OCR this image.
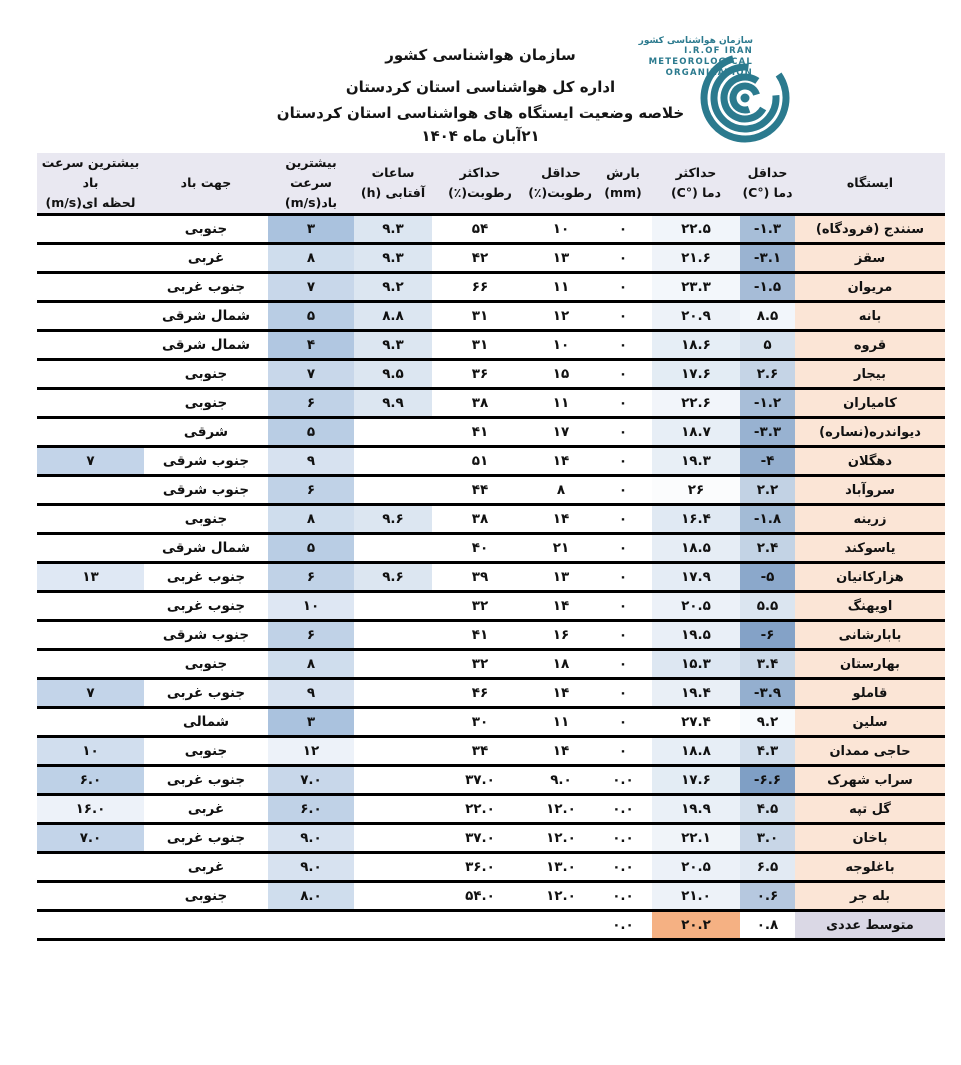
سازمان هواشناسی کشور
اداره کل هواشناسی استان کردستان
خلاصه وضعیت ایستگاه های هواشناسی استان کردستان
۲۱آبان ماه ۱۴۰۴
سازمان هواشناسی کشور
I.R.OF IRAN
METEOROLOGICAL
ORGANIZATION
ایستگاه

حداقل
دما (°C)

حداکثر
دما (°C)

بارش
(mm)

حداقل
رطوبت(٪)

حداکثر
رطوبت(٪)

ساعات
آفتابی (h)

بیشترین سرعت
باد(m/s)

جهت باد

بیشترین سرعت باد
لحظه ای(m/s)

سنندج (فرودگاه)	-۱.۳	۲۲.۵	۰	۱۰	۵۴	۹.۳	۳	جنوبی	
سقز	-۳.۱	۲۱.۶	۰	۱۳	۴۲	۹.۳	۸	غربی	
مریوان	-۱.۵	۲۳.۳	۰	۱۱	۶۶	۹.۲	۷	جنوب غربی	
بانه	۸.۵	۲۰.۹	۰	۱۲	۳۱	۸.۸	۵	شمال شرقی	
قروه	۵	۱۸.۶	۰	۱۰	۳۱	۹.۳	۴	شمال شرقی	
بیجار	۲.۶	۱۷.۶	۰	۱۵	۳۶	۹.۵	۷	جنوبی	
کامیاران	-۱.۲	۲۲.۶	۰	۱۱	۳۸	۹.۹	۶	جنوبی	
دیواندره(نساره)	-۳.۳	۱۸.۷	۰	۱۷	۴۱		۵	شرقی	
دهگلان	-۴	۱۹.۳	۰	۱۴	۵۱		۹	جنوب شرقی	۷
سروآباد	۲.۲	۲۶	۰	۸	۴۴		۶	جنوب شرقی	
زرینه	-۱.۸	۱۶.۴	۰	۱۴	۳۸	۹.۶	۸	جنوبی	
یاسوکند	۲.۴	۱۸.۵	۰	۲۱	۴۰		۵	شمال شرقی	
هزارکانیان	-۵	۱۷.۹	۰	۱۳	۳۹	۹.۶	۶	جنوب غربی	۱۳
اویهنگ	۵.۵	۲۰.۵	۰	۱۴	۳۲		۱۰	جنوب غربی	
بابارشانی	-۶	۱۹.۵	۰	۱۶	۴۱		۶	جنوب شرقی	
بهارستان	۳.۴	۱۵.۳	۰	۱۸	۳۲		۸	جنوبی	
قاملو	-۳.۹	۱۹.۴	۰	۱۴	۴۶		۹	جنوب غربی	۷
سلین	۹.۲	۲۷.۴	۰	۱۱	۳۰		۳	شمالی	
حاجی ممدان	۴.۳	۱۸.۸	۰	۱۴	۳۴		۱۲	جنوبی	۱۰
سراب شهرک	-۶.۶	۱۷.۶	۰.۰	۹.۰	۳۷.۰		۷.۰	جنوب غربی	۶.۰
گل تپه	۴.۵	۱۹.۹	۰.۰	۱۲.۰	۲۲.۰		۶.۰	غربی	۱۶.۰
باخان	۳.۰	۲۲.۱	۰.۰	۱۲.۰	۳۷.۰		۹.۰	جنوب غربی	۷.۰
باغلوجه	۶.۵	۲۰.۵	۰.۰	۱۳.۰	۳۶.۰		۹.۰	غربی	
بله جر	۰.۶	۲۱.۰	۰.۰	۱۲.۰	۵۴.۰		۸.۰	جنوبی	
متوسط عددی	۰.۸	۲۰.۲	۰.۰						
